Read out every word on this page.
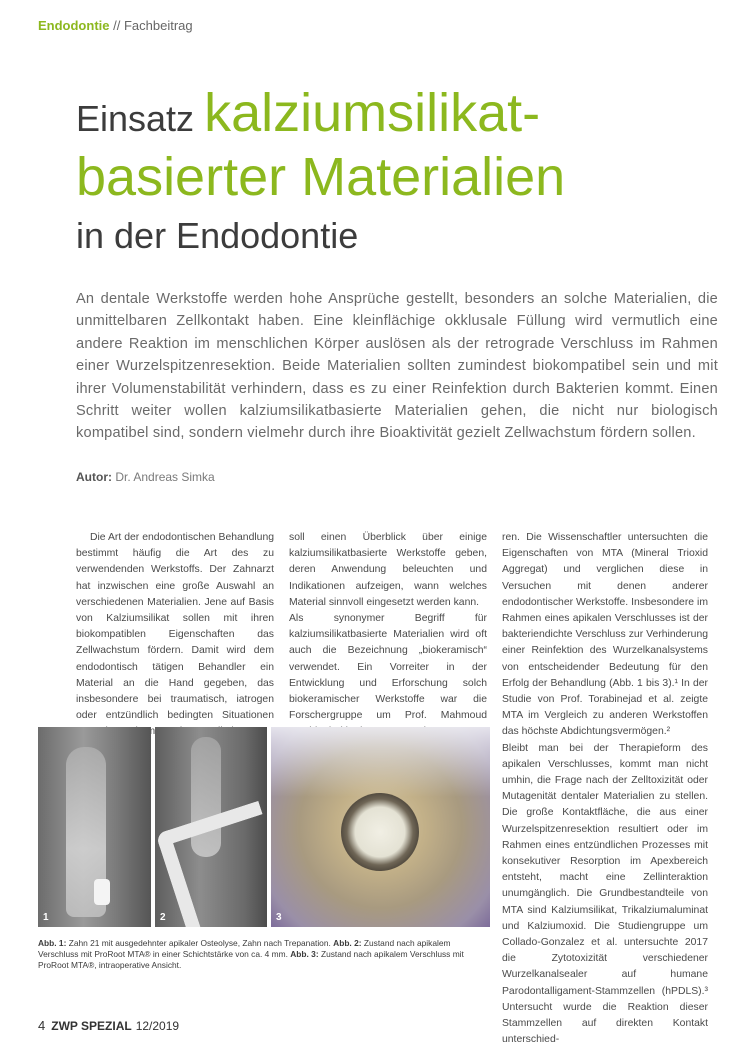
Endodontie // Fachbeitrag
Einsatz kalziumsilikat-
basierter Materialien
in der Endodontie
An dentale Werkstoffe werden hohe Ansprüche gestellt, besonders an solche Materialien, die unmittelbaren Zellkontakt haben. Eine kleinflächige okklusale Füllung wird vermutlich eine andere Reaktion im menschlichen Körper auslösen als der retrograde Verschluss im Rahmen einer Wurzelspitzenresektion. Beide Materialien sollten zumindest biokompatibel sein und mit ihrer Volumenstabilität verhindern, dass es zu einer Reinfektion durch Bakterien kommt. Einen Schritt weiter wollen kalziumsilikatbasierte Materialien gehen, die nicht nur biologisch kompatibel sind, sondern vielmehr durch ihre Bioaktivität gezielt Zellwachstum fördern sollen.
Autor: Dr. Andreas Simka

Die Art der endodontischen Behandlung bestimmt häufig die Art des zu verwendenden Werkstoffs. Der Zahnarzt hat inzwischen eine große Auswahl an verschiedenen Materialien. Jene auf Basis von Kalziumsilikat sollen mit ihren biokompatiblen Eigenschaften das Zellwachstum fördern. Damit wird dem endodontisch tätigen Behandler ein Material an die Hand gegeben, das insbesondere bei traumatisch, iatrogen oder entzündlich bedingten Situationen kommt.

soll einen Überblick über einige kalziumsilikatbasierte Werkstoffe geben, deren Anwendung beleuchten und Indikationen aufzeigen, wann welches Material sinnvoll eingesetzt werden kann.

Als synonymer Begriff für kalziumsilikatbasierte Materialien wird oft auch die Bezeichnung „biokeramisch“ verwendet. Ein Vorreiter in der Entwicklung und Erforschung solch biokeramischer Werkstoffe war die Forschergruppe um Prof. Mahmoud

ren. Die Wissenschaftler untersuchten die Eigenschaften von MTA (Mineral Trioxid Aggregat) und verglichen diese in Versuchen mit denen anderer endodontischer Werkstoffe. Insbesondere im Rahmen eines apikalen Verschlusses ist der bakteriendichte Verschluss zur Verhinderung einer Reinfektion des Wurzelkanalsystems von entscheidender Bedeutung für den Erfolg der Behandlung (Abb. 1 bis 3).¹ In der Studie von Prof. Torabinejad et al. zeigte MTA im Vergleich zu anderen Werkstoffen das höchste Abdichtungsvermögen.²

Bleibt man bei der Therapieform des apikalen Verschlusses, kommt man nicht umhin, die Frage nach der Zelltoxizität oder Mutagenität dentaler Materialien zu stellen. Die große Kontaktfläche, die aus einer Wurzelspitzenresektion resultiert oder im Rahmen eines entzündlichen Prozesses mit konsekutiver Resorption im Apexbereich entsteht, macht eine Zellinteraktion unumgänglich. Die Grundbestandteile von MTA sind Kalziumsilikat, Trikalziumaluminat und Kalziumoxid. Die Studiengruppe um Collado-Gonzalez et al. untersuchte 2017 die Zytotoxizität verschiedener Wurzelkanalsealer auf humane Parodontalligament-Stammzellen (hPDLS).³ Untersucht wurde die Reaktion dieser Stammzellen auf direkten Kontakt unterschied-

1	2	3
Abb. 1: Zahn 21 mit ausgedehnter apikaler Osteolyse, Zahn nach Trepanation. Abb. 2: Zustand nach apikalem Verschluss mit ProRoot MTA® in einer Schichtstärke von ca. 4 mm. Abb. 3: Zustand nach apikalem Verschluss mit ProRoot MTA®, intraoperative Ansicht.
4 ZWP SPEZIAL 12/2019
